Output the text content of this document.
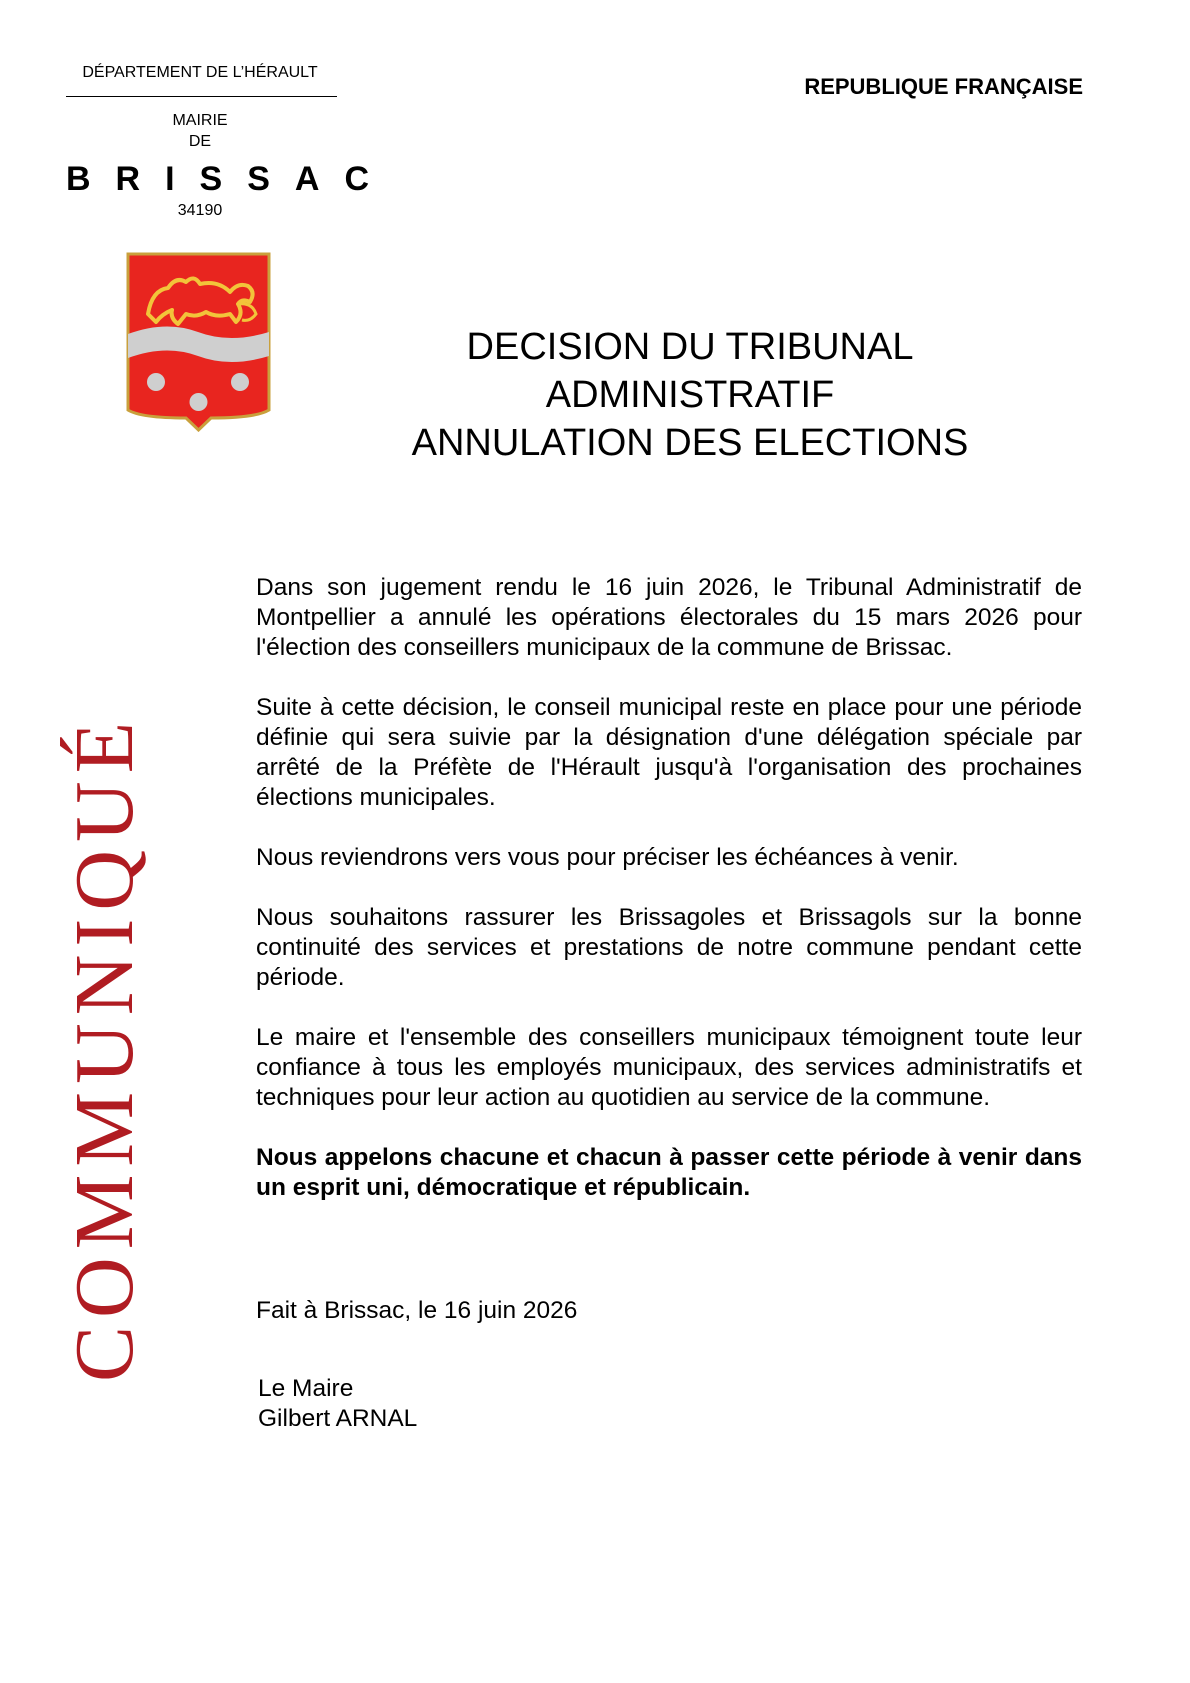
DÉPARTEMENT DE L’HÉRAULT
MAIRIE
DE
BRISSAC
34190
REPUBLIQUE FRANÇAISE
DECISION DU TRIBUNAL
ADMINISTRATIF
ANNULATION DES ELECTIONS
COMMUNIQUÉ

Dans son jugement rendu le 16 juin 2026, le Tribunal Administratif de Montpellier a annulé les opérations électorales du 15 mars 2026 pour l'élection des conseillers municipaux de la commune de Brissac.

Suite à cette décision, le conseil municipal reste en place pour une période définie qui sera suivie par la désignation d'une délégation spéciale par arrêté de la Préfète de l'Hérault jusqu'à l'organisation des prochaines élections municipales.

Nous reviendrons vers vous pour préciser les échéances à venir.

Nous souhaitons rassurer les Brissagoles et Brissagols sur la bonne continuité des services et prestations de notre commune pendant cette période.

Le maire et l'ensemble des conseillers municipaux témoignent toute leur confiance à tous les employés municipaux, des services administratifs et techniques pour leur action au quotidien au service de la commune.

Nous appelons chacune et chacun à passer cette période à venir dans un esprit uni, démocratique et républicain.

Fait à Brissac, le 16 juin 2026
Le Maire
Gilbert ARNAL
